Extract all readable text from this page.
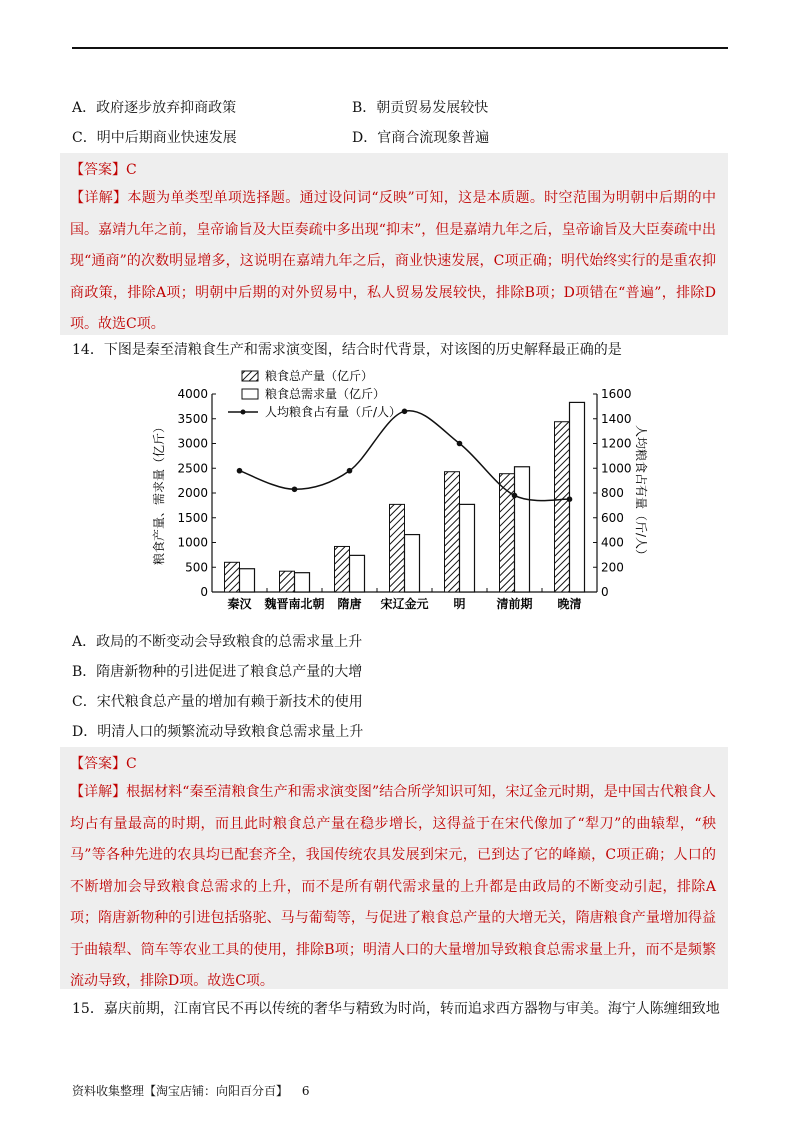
A．政府逐步放弃抑商政策	B．朝贡贸易发展较快
C．明中后期商业快速发展	D．官商合流现象普遍
【答案】C
【详解】本题为单类型单项选择题。通过设问词“反映”可知，这是本质题。时空范围为明朝中后期的中国。嘉靖九年之前，皇帝谕旨及大臣奏疏中多出现“抑末”，但是嘉靖九年之后，皇帝谕旨及大臣奏疏中出现“通商”的次数明显增多，这说明在嘉靖九年之后，商业快速发展，C项正确；明代始终实行的是重农抑商政策，排除A项；明朝中后期的对外贸易中，私人贸易发展较快，排除B项；D项错在“普遍”，排除D项。故选C项。
14．下图是秦至清粮食生产和需求演变图，结合时代背景，对该图的历史解释最正确的是
0
500
1000
1500
2000
2500
3000
3500
4000
0
200
400
600
800
1000
1200
1400
1600
秦汉 魏晋南北朝 隋唐 宋辽金元 明	清前期 晚清
粮食总产量（亿斤）
粮食总需求量（亿斤）
人均粮食占有量（斤/人）
粮食产量、需求量（亿斤）	人均粮食占有量（斤/人）
A．政局的不断变动会导致粮食的总需求量上升
B．隋唐新物种的引进促进了粮食总产量的大增
C．宋代粮食总产量的增加有赖于新技术的使用
D．明清人口的频繁流动导致粮食总需求量上升
【答案】C
【详解】根据材料“秦至清粮食生产和需求演变图”结合所学知识可知，宋辽金元时期，是中国古代粮食人均占有量最高的时期，而且此时粮食总产量在稳步增长，这得益于在宋代像加了“犁刀”的曲辕犁，“秧马”等各种先进的农具均已配套齐全，我国传统农具发展到宋元，已到达了它的峰巅，C项正确；人口的不断增加会导致粮食总需求的上升，而不是所有朝代需求量的上升都是由政局的不断变动引起，排除A项；隋唐新物种的引进包括骆驼、马与葡萄等，与促进了粮食总产量的大增无关，隋唐粮食产量增加得益于曲辕犁、筒车等农业工具的使用，排除B项；明清人口的大量增加导致粮食总需求量上升，而不是频繁流动导致，排除D项。故选C项。
15．嘉庆前期，江南官民不再以传统的奢华与精致为时尚，转而追求西方器物与审美。海宁人陈缠细致地
资料收集整理【淘宝店铺：向阳百分百】 6
